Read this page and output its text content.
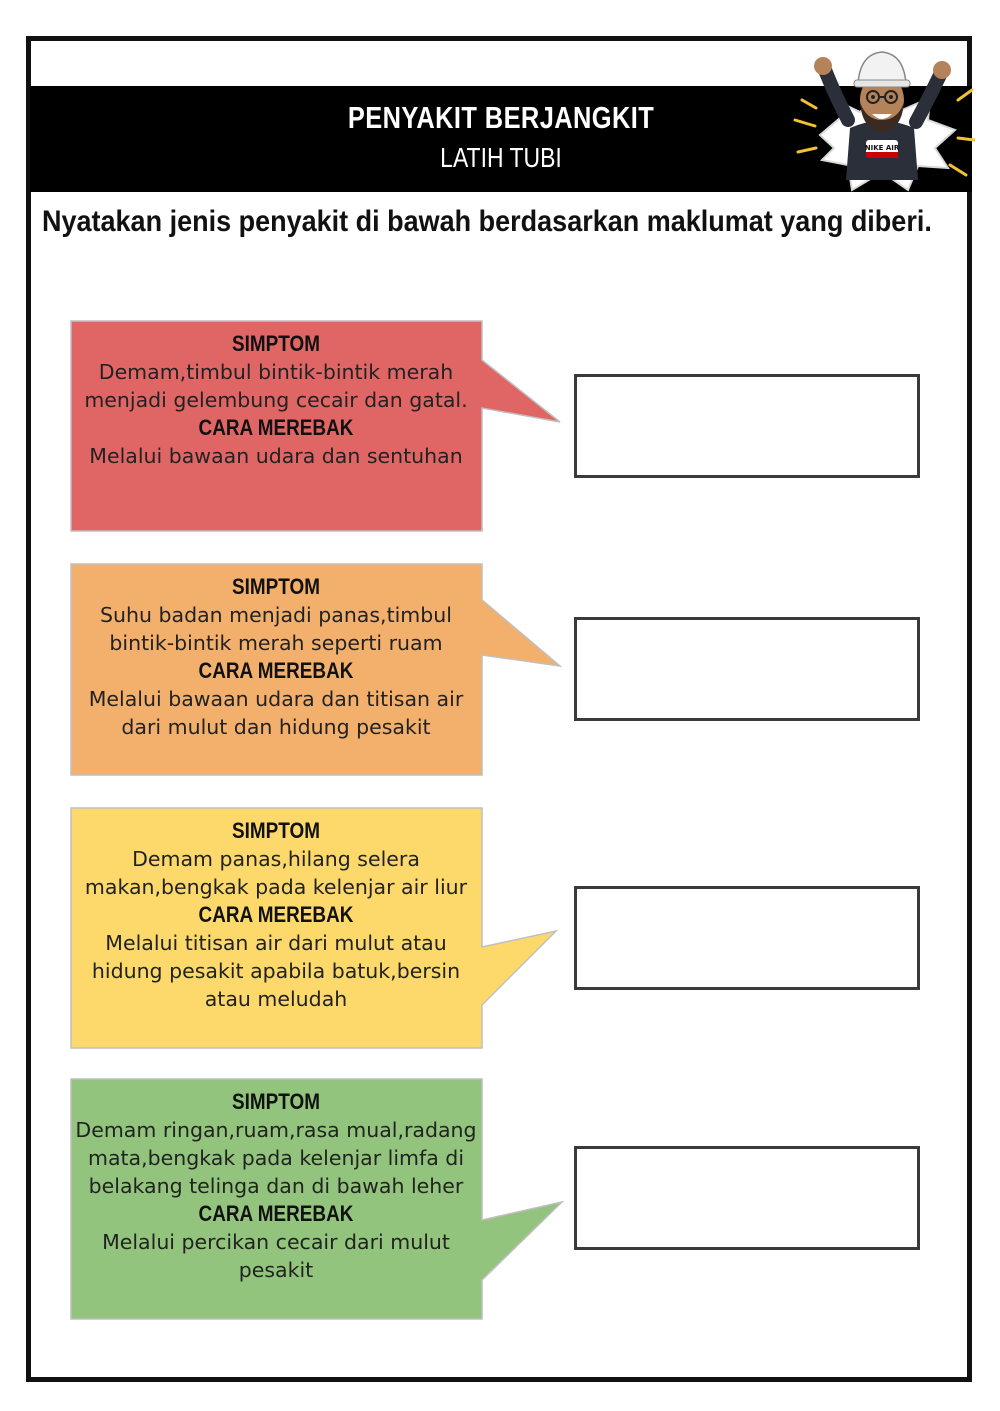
PENYAKIT BERJANGKIT
LATIH TUBI	NIKE AIR
Nyatakan jenis penyakit di bawah berdasarkan maklumat yang diberi.
SIMPTOM
Demam,timbul bintik-bintik merah menjadi gelembung cecair dan gatal.
CARA MEREBAK
Melalui bawaan udara dan sentuhan
SIMPTOM
Suhu badan menjadi panas,timbul bintik-bintik merah seperti ruam
CARA MEREBAK
Melalui bawaan udara dan titisan air dari mulut dan hidung pesakit
SIMPTOM
Demam panas,hilang selera makan,bengkak pada kelenjar air liur
CARA MEREBAK
Melalui titisan air dari mulut atau hidung pesakit apabila batuk,bersin atau meludah
SIMPTOM
Demam ringan,ruam,rasa mual,radang mata,bengkak pada kelenjar limfa di belakang telinga dan di bawah leher
CARA MEREBAK
Melalui percikan cecair dari mulut pesakit
